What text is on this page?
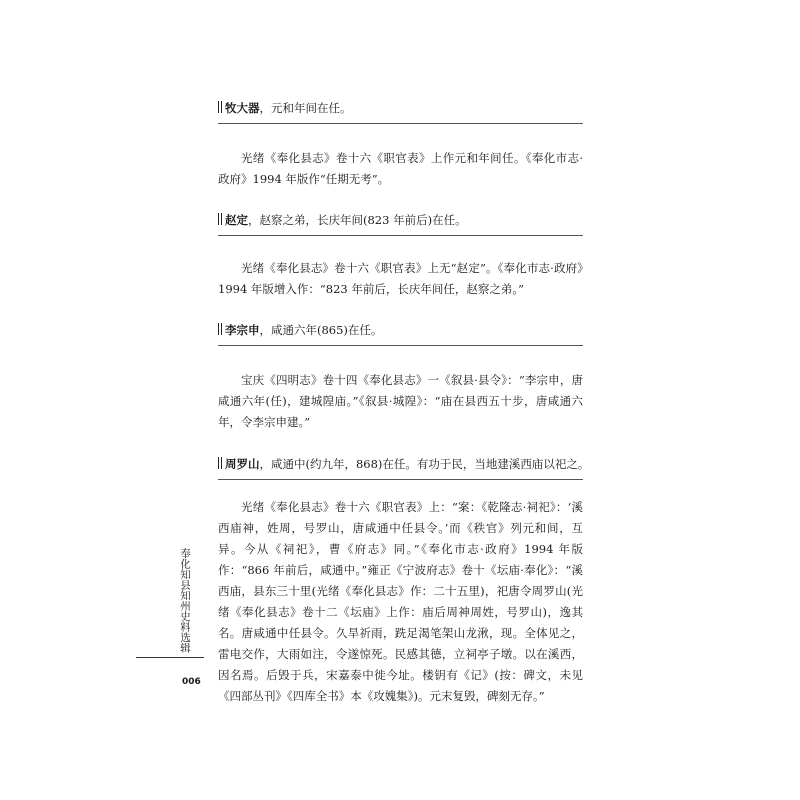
牧大器，元和年间在任。
光绪《奉化县志》卷十六《职官表》上作元和年间任。《奉化市志·政府》1994 年版作“任期无考”。
赵定，赵察之弟，长庆年间(823 年前后)在任。
光绪《奉化县志》卷十六《职官表》上无“赵定”。《奉化市志·政府》1994 年版增入作：“823 年前后，长庆年间任，赵察之弟。”
李宗申，咸通六年(865)在任。
宝庆《四明志》卷十四《奉化县志》一《叙县·县令》：“李宗申，唐咸通六年(任)，建城隍庙。”《叙县·城隍》：“庙在县西五十步，唐咸通六年，令李宗申建。”
周罗山，咸通中(约九年，868)在任。有功于民，当地建溪西庙以祀之。
光绪《奉化县志》卷十六《职官表》上：“案：《乾隆志·祠祀》：‘溪西庙神，姓周，号罗山，唐咸通中任县令。’而《秩官》列元和间，互异。今从《祠祀》，曹《府志》同。”《奉化市志·政府》1994 年版作：“866 年前后，咸通中。”雍正《宁波府志》卷十《坛庙·奉化》：“溪西庙，县东三十里(光绪《奉化县志》作：二十五里)，祀唐令周罗山(光绪《奉化县志》卷十二《坛庙》上作：庙后周神周姓，号罗山)，逸其名。唐咸通中任县令。久旱祈雨，跣足渴笔架山龙湫，现。全体见之，雷电交作，大雨如注，令遂惊死。民感其德，立祠亭子墩。以在溪西，因名焉。后毁于兵，宋嘉泰中徙今址。楼钥有《记》(按：碑文，未见《四部丛刊》《四库全书》本《攻媿集》)。元末复毁，碑刻无存。”
奉化知县知州史料选辑
006
